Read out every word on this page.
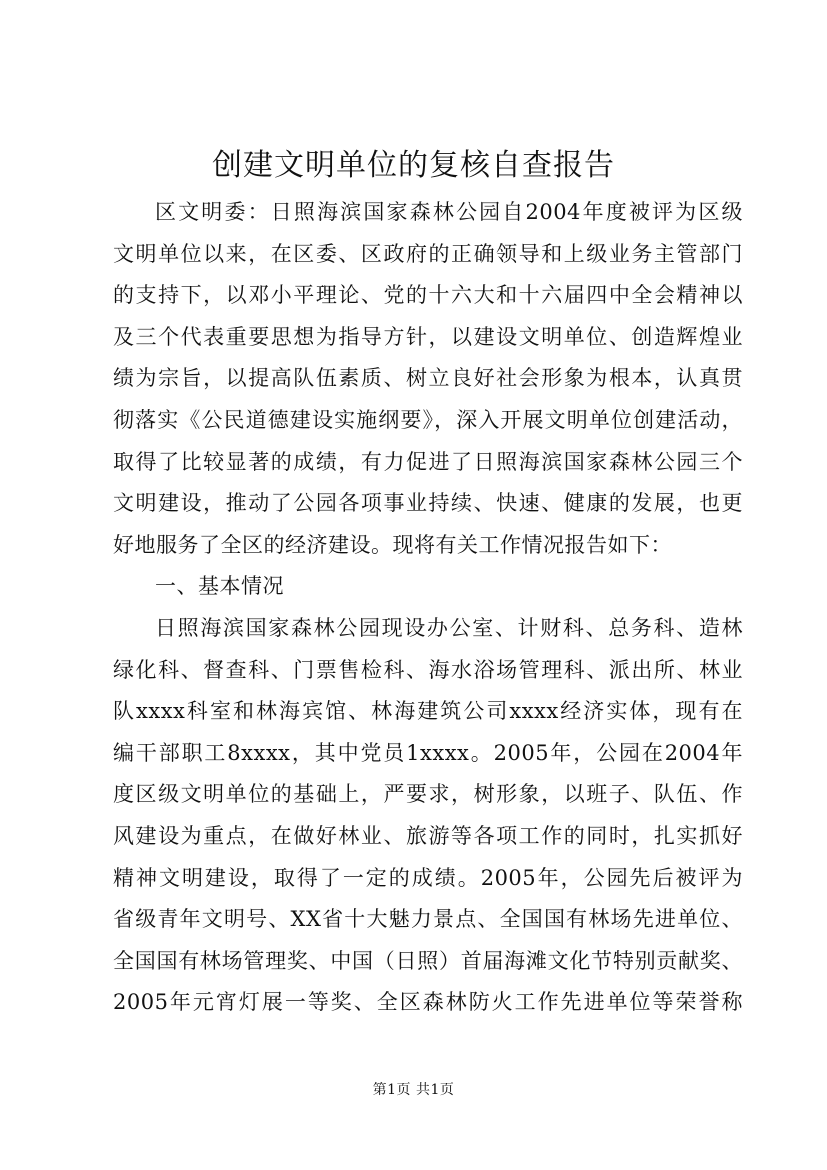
创建文明单位的复核自查报告
区文明委：日照海滨国家森林公园自2004年度被评为区级
文明单位以来，在区委、区政府的正确领导和上级业务主管部门
的支持下，以邓小平理论、党的十六大和十六届四中全会精神以
及三个代表重要思想为指导方针，以建设文明单位、创造辉煌业
绩为宗旨，以提高队伍素质、树立良好社会形象为根本，认真贯
彻落实《公民道德建设实施纲要》，深入开展文明单位创建活动，
取得了比较显著的成绩，有力促进了日照海滨国家森林公园三个
文明建设，推动了公园各项事业持续、快速、健康的发展，也更
好地服务了全区的经济建设。现将有关工作情况报告如下：
一、基本情况
日照海滨国家森林公园现设办公室、计财科、总务科、造林
绿化科、督查科、门票售检科、海水浴场管理科、派出所、林业
队xxxx科室和林海宾馆、林海建筑公司xxxx经济实体，现有在
编干部职工8xxxx，其中党员1xxxx。2005年，公园在2004年
度区级文明单位的基础上，严要求，树形象，以班子、队伍、作
风建设为重点，在做好林业、旅游等各项工作的同时，扎实抓好
精神文明建设，取得了一定的成绩。2005年，公园先后被评为
省级青年文明号、XX省十大魅力景点、全国国有林场先进单位、
全国国有林场管理奖、中国（日照）首届海滩文化节特别贡献奖、
2005年元宵灯展一等奖、全区森林防火工作先进单位等荣誉称
第1页 共1页
